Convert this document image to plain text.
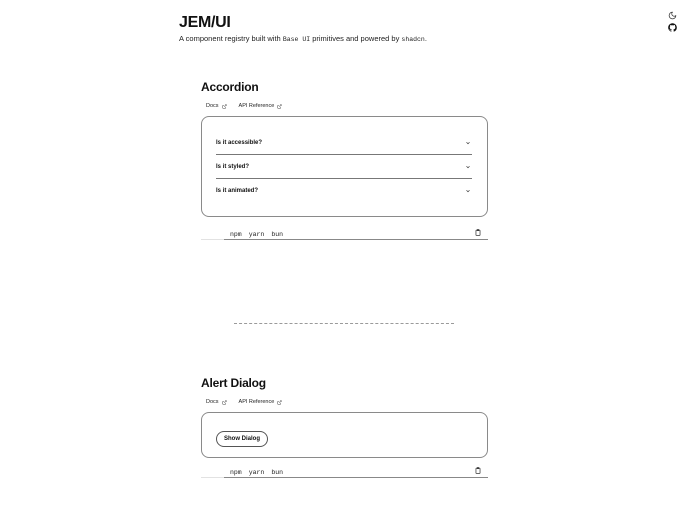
JEM/UI
A component registry built with Base UI primitives and powered by shadcn.
Accordion
Docs	API Reference
Is it accessible?
Is it styled?
Is it animated?
pnpm	npm yarn bun
Alert Dialog
Docs	API Reference
Show Dialog
pnpm	npm yarn bun
